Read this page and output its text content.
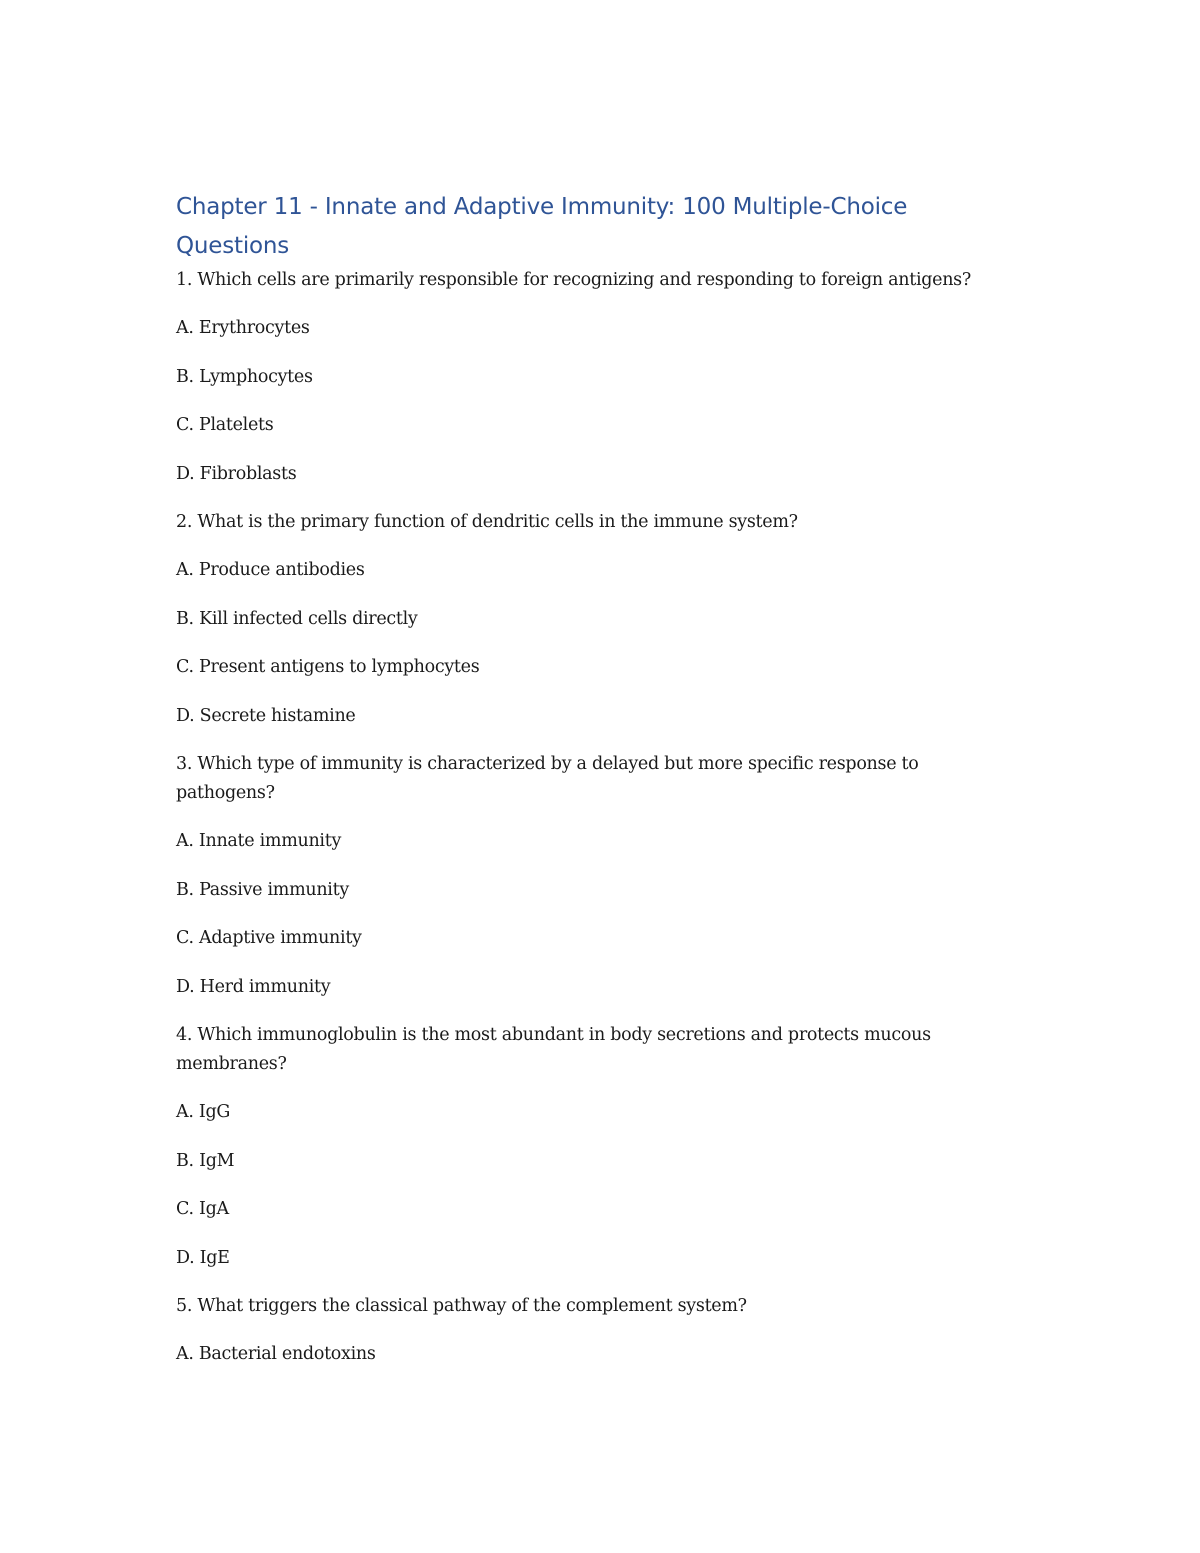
Chapter 11 - Innate and Adaptive Immunity: 100 Multiple-Choice Questions

1. Which cells are primarily responsible for recognizing and responding to foreign antigens?

A. Erythrocytes

B. Lymphocytes

C. Platelets

D. Fibroblasts

2. What is the primary function of dendritic cells in the immune system?

A. Produce antibodies

B. Kill infected cells directly

C. Present antigens to lymphocytes

D. Secrete histamine

3. Which type of immunity is characterized by a delayed but more specific response to pathogens?

A. Innate immunity

B. Passive immunity

C. Adaptive immunity

D. Herd immunity

4. Which immunoglobulin is the most abundant in body secretions and protects mucous membranes?

A. IgG

B. IgM

C. IgA

D. IgE

5. What triggers the classical pathway of the complement system?

A. Bacterial endotoxins
